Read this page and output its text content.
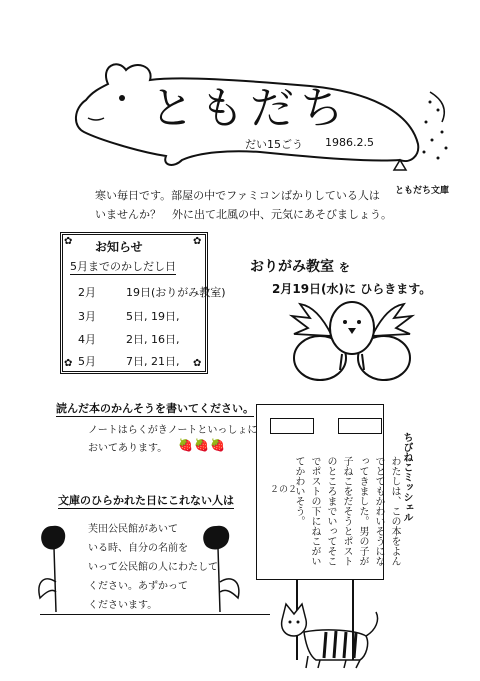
ともだち
だい15ごう 1986.2.5
ともだち文庫
寒い毎日です。部屋の中でファミコンばかりしている人は
いませんか？　外に出て北風の中、元気にあそびましょう。
✿	✿
✿	✿
お知らせ
5月までのかしだし日
2月	19日(おりがみ教室)
3月	5日, 19日,
4月	2日, 16日,
5月	7日, 21日,
おりがみ教室 を
2月19日(水)に ひらきます。
読んだ本のかんそうを書いてください。
ノートはらくがきノートといっしょに
おいてあります。 🍓 🍓 🍓
文庫のひらかれた日にこれない人は
芙田公民館があいて
いる時、自分の名前を
いって公民館の人にわたして
ください。あずかって
くださいます。
ちびねこミッシェル
わたしは、この本をよんでとてもかわいそうになってきました。男の子が子ねこをだそうとポストのところまでいってそこでポストの下にねこがいてかわいそう。
２の２
